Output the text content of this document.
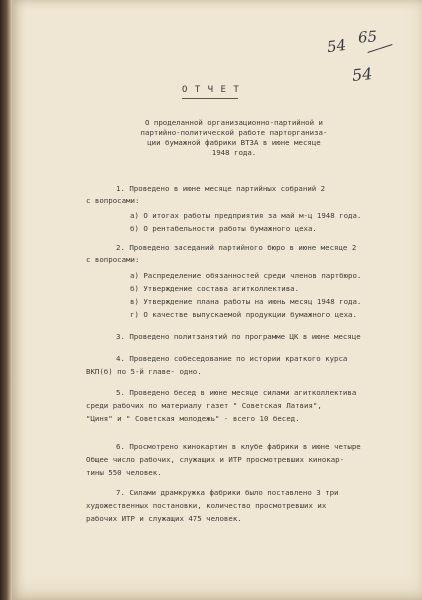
54 65
54
О Т Ч Е Т
О проделанной организационно-партийной и
партийно-политической работе парторганиза-
ции бумажной фабрики ВТЗА в июне месяце
1948 года.
1. Проведено в июне месяце партийных собраний 2
с вопросами:
а) О итогах работы предприятия за май м-ц 1948 года.
б) О рентабельности работы бумажного цеха.
2. Проведено заседаний партийного бюро в июне месяце 2
с вопросами:
а) Распределение обязанностей среди членов партбюро.
б) Утверждение состава агитколлектива.
в) Утверждение плана работы на июнь месяц 1948 года.
г) О качестве выпускаемой продукции бумажного цеха.
3. Проведено политзанятий по программе ЦК в июне месяце
4. Проведено собеседование по истории краткого курса
ВКП(б) по 5-й главе- одно.
5. Проведено бесед в июне месяце силами агитколлектива
среди рабочих по материалу газет " Советская Латвия",
"Циня" и " Советская молодежь" - всего 10 бесед.
6. Просмотрено кинокартин в клубе фабрики в июне четыре
Общее число рабочих, служащих и ИТР просмотревших кинокар-
тины 550 человек.
7. Силами драмкружка фабрики было поставлено 3 три
художественных постановки, количество просмотревших их
рабочих ИТР и служащих 475 человек.
